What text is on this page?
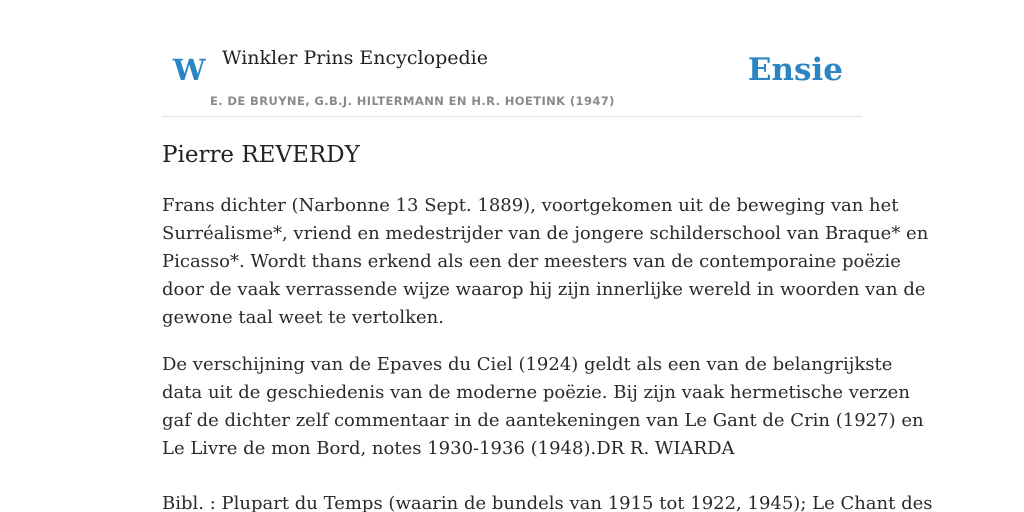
W Winkler Prins Encyclopedie
E. DE BRUYNE, G.B.J. HILTERMANN EN H.R. HOETINK (1947)
Ensie
Pierre REVERDY

Frans dichter (Narbonne 13 Sept. 1889), voortgekomen uit de beweging van het
Surréalisme*, vriend en medestrijder van de jongere schilderschool van Braque* en
Picasso*. Wordt thans erkend als een der meesters van de contemporaine poëzie
door de vaak verrassende wijze waarop hij zijn innerlijke wereld in woorden van de
gewone taal weet te vertolken.

De verschijning van de Epaves du Ciel (1924) geldt als een van de belangrijkste
data uit de geschiedenis van de moderne poëzie. Bij zijn vaak hermetische verzen
gaf de dichter zelf commentaar in de aantekeningen van Le Gant de Crin (1927) en
Le Livre de mon Bord, notes 1930-1936 (1948).DR R. WIARDA

Bibl. : Plupart du Temps (waarin de bundels van 1915 tot 1922, 1945); Le Chant des
